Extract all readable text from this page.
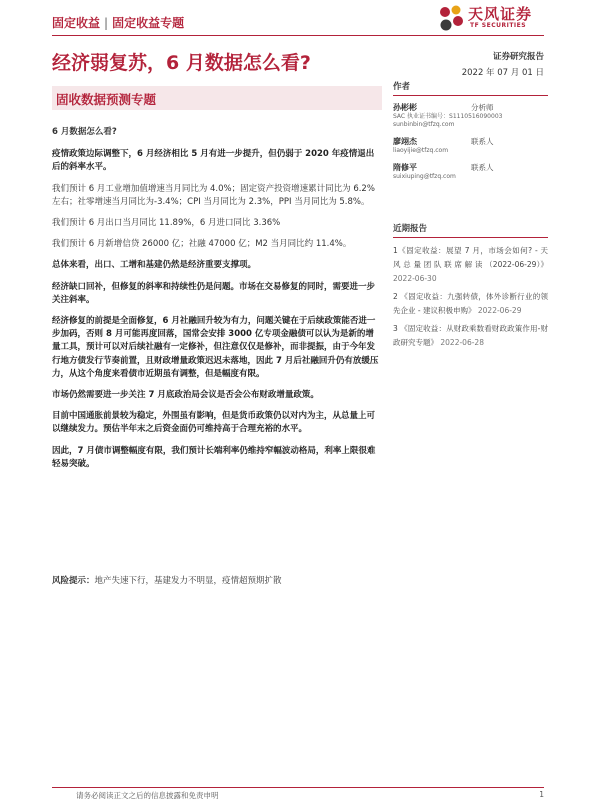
固定收益 | 固定收益专题	天风证券
TF SECURITIES
经济弱复苏，6 月数据怎么看?	证券研究报告
2022 年 07 月 01 日
固收数据预测专题

6 月数据怎么看?

疫情政策边际调整下，6 月经济相比 5 月有进一步提升，但仍弱于 2020 年疫情退出后的斜率水平。

我们预计 6 月工业增加值增速当月同比为 4.0%；固定资产投资增速累计同比为 6.2%左右；社零增速当月同比为-3.4%；CPI 当月同比为 2.3%，PPI 当月同比为 5.8%。

我们预计 6 月出口当月同比 11.89%，6 月进口同比 3.36%

我们预计 6 月新增信贷 26000 亿；社融 47000 亿；M2 当月同比约 11.4%。

总体来看，出口、工增和基建仍然是经济重要支撑项。

经济缺口回补，但修复的斜率和持续性仍是问题。市场在交易修复的同时，需要进一步关注斜率。

经济修复的前提是全面修复，6 月社融回升较为有力，问题关键在于后续政策能否进一步加码，否则 8 月可能再度回落，国常会安排 3000 亿专项金融债可以认为是新的增量工具，预计可以对后续社融有一定修补，但注意仅仅是修补，而非提振，由于今年发行地方债发行节奏前置，且财政增量政策迟迟未落地，因此 7 月后社融回升仍有放缓压力，从这个角度来看债市近期虽有调整，但是幅度有限。

市场仍然需要进一步关注 7 月底政治局会议是否会公布财政增量政策。

目前中国通胀前景较为稳定，外围虽有影响，但是货币政策仍以对内为主，从总量上可以继续发力。预估半年末之后资金面仍可维持高于合理充裕的水平。

因此，7 月债市调整幅度有限，我们预计长端利率仍维持窄幅波动格局，利率上限很难轻易突破。

风险提示：地产失速下行，基建发力不明显，疫情超预期扩散
作者
孙彬彬	分析师
SAC 执业证书编号：S1110516090003
sunbinbin@tfzq.com
廖翊杰	联系人
liaoyijie@tfzq.com
隋修平	联系人
suixiuping@tfzq.com
近期报告
1《固定收益：展望 7 月，市场会如何? - 天 风 总 量 团 队 联 席 解 读 （2022-06-29）》 2022-06-30
2 《固定收益：九强转债，体外诊断行业的领先企业 - 建议积极申购》 2022-06-29
3 《固定收益：从财政乘数看财政政策作用-财政研究专题》 2022-06-28
请务必阅读正文之后的信息披露和免责申明	1
